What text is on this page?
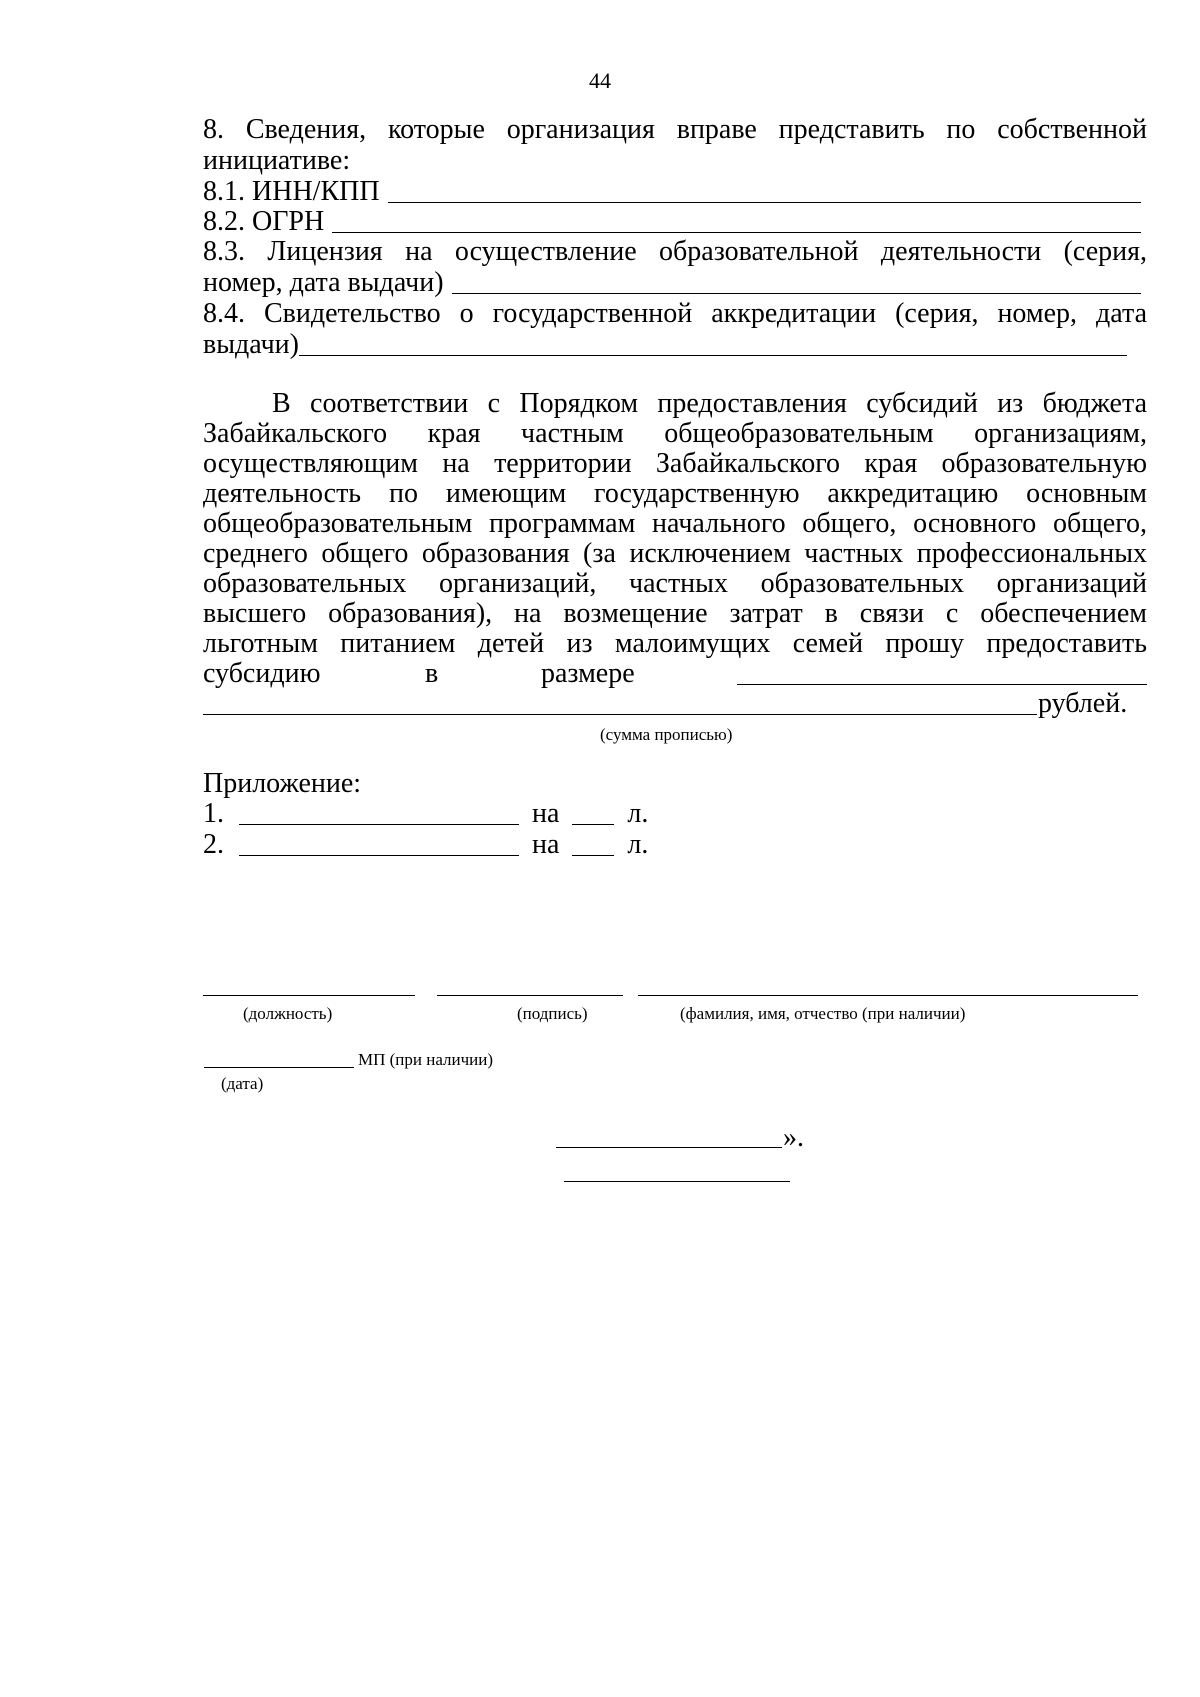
44
8. Сведения, которые организация вправе представить по собственной
инициативе:
8.1. ИНН/КПП
8.2. ОГРН
8.3. Лицензия на осуществление образовательной деятельности (серия,
номер, дата выдачи)
8.4. Свидетельство о государственной аккредитации (серия, номер, дата
выдачи)
В соответствии с Порядком предоставления субсидий из бюджета
Забайкальского края частным общеобразовательным организациям,
осуществляющим на территории Забайкальского края образовательную
деятельность по имеющим государственную аккредитацию основным
общеобразовательным программам начального общего, основного общего,
среднего общего образования (за исключением частных профессиональных
образовательных организаций, частных образовательных организаций
высшего образования), на возмещение затрат в связи с обеспечением
льготным питанием детей из малоимущих семей прошу предоставить
субсидию	в	размере
рублей.
(сумма прописью)
Приложение:
1.	на л.
2.	на л.
(должность)	(подпись)	(фамилия, имя, отчество (при наличии)
МП (при наличии)
(дата)
».
